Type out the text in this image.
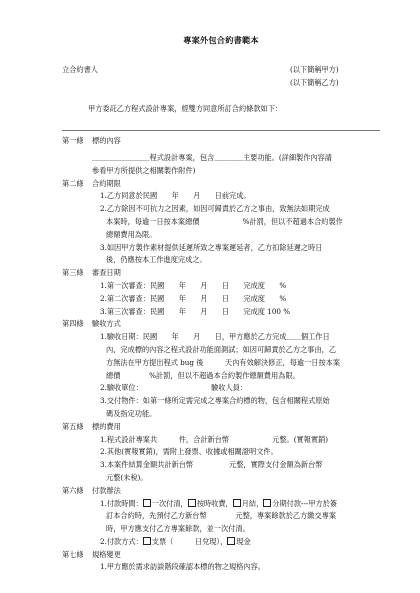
專案外包合約書範本
立合約書人	(以下簡稱甲方)
(以下簡稱乙方)
甲方委託乙方程式設計專案，經雙方同意所訂合約條款如下：
第一條	標的內容
＿＿＿＿＿＿＿＿程式設計專案，包含＿＿＿＿主要功能。(詳細製作內容請
參看甲方所提供之相關製作附件)
第二條	合約期限
1.乙方同意於民國　　年　　月　　日前完成。
2.乙方除因不可抗力之因素，如因可歸責於乙方之事由，致無法如期完成
本案時，每逾一日按本案總價　　　　　　%計罰，但以不超過本合約製作
總額費用為限。
3.如因甲方製作素材提供延遲所致之專案遲延者，乙方扣除延遲之時日
後，仍應按本工作進度完成之。
第三條	審查日期
1.第一次審查：民國　　年　　月　　日　　完成度　　%
2.第二次審查：民國　　年　　月　　日　　完成度　　%
3.第三次審查：民國　　年　　月　　日　　完成度 100 %
第四條	驗收方式
1.驗收日期：民國　　年　　月　　日，甲方應於乙方完成＿＿個工作日
內，完成標的內容之程式設計功能面測試；如因可歸責於乙方之事由，乙
方無法在甲方提出程式 bug 後　　　天內有效解決修正，每逾一日按本案
總價　　　　%計罰，但以不超過本合約製作總額費用為限。
2.驗收單位：　　　　　　　　　　驗收人員：
3.交付物件：如第一條所定需完成之專案合約標的物，包含相關程式原始
碼及指定功能。
第五條	標的費用
1.程式設計專案共　　　件，合計新台幣　　　　　　元整。(實報實銷)
2.其他(實報實銷)，需附上發票、收據或相關證明文件。
3.本案件結算金額共計新台幣　　　　　元整，實際支付金額為新台幣
元整(未稅)。
第六條	付款辦法
1.付款時間： 一次付清， 按時收費， 月結， 分期付款---甲方於簽
訂本合約時，先預付乙方新台幣　　　　元整，專案餘款於乙方繳交專案
時，甲方應支付乙方專案餘款，並一次付清。
2.付款方式： 支票（　　　日兌現）， 現金
第七條	規格變更
1.甲方應於需求訪談階段確認本標的物之規格內容。
